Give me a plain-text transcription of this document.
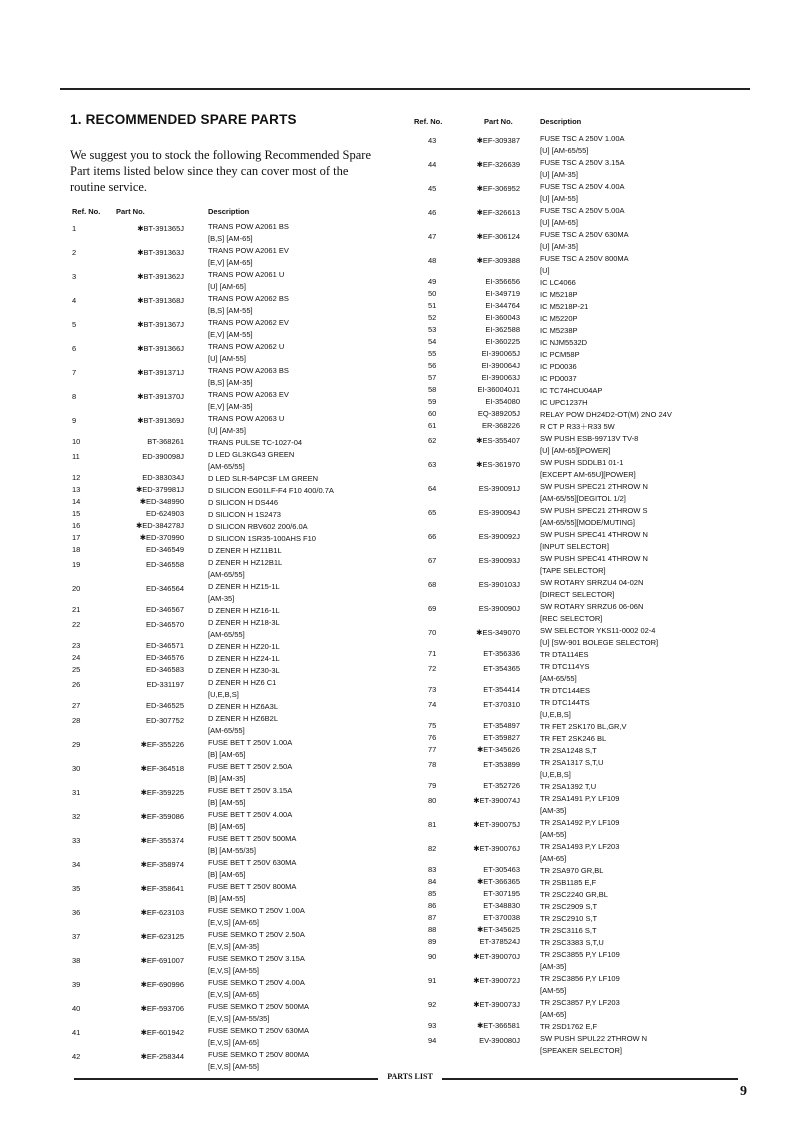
1. RECOMMENDED SPARE PARTS

We suggest you to stock the following Recommended Spare Part items listed below since they can cover most of the routine service.

Ref. No.	Part No.	Description
1	✱BT-391365J	TRANS POW A2061 BS
[B,S] [AM-65]
2	✱BT-391363J	TRANS POW A2061 EV
[E,V] [AM-65]
3	✱BT-391362J	TRANS POW A2061 U
[U] [AM-65]
4	✱BT-391368J	TRANS POW A2062 BS
[B,S] [AM-55]
5	✱BT-391367J	TRANS POW A2062 EV
[E,V] [AM-55]
6	✱BT-391366J	TRANS POW A2062 U
[U] [AM-55]
7	✱BT-391371J	TRANS POW A2063 BS
[B,S] [AM-35]
8	✱BT-391370J	TRANS POW A2063 EV
[E,V] [AM-35]
9	✱BT-391369J	TRANS POW A2063 U
[U] [AM-35]
10	BT-368261	TRANS PULSE TC-1027-04
11	ED-390098J	D LED GL3KG43 GREEN
[AM-65/55]
12	ED-383034J	D LED SLR-54PC3F LM GREEN
13	✱ED-379981J	D SILICON EG01LF-F4 F10 400/0.7A
14	✱ED-348990	D SILICON H DS446
15	ED-624903	D SILICON H 1S2473
16	✱ED-384278J	D SILICON RBV602 200/6.0A
17	✱ED-370990	D SILICON 1SR35-100AHS F10
18	ED-346549	D ZENER H HZ11B1L
19	ED-346558	D ZENER H HZ12B1L
[AM-65/55]
20	ED-346564	D ZENER H HZ15-1L
[AM-35]
21	ED-346567	D ZENER H HZ16-1L
22	ED-346570	D ZENER H HZ18-3L
[AM-65/55]
23	ED-346571	D ZENER H HZ20-1L
24	ED-346576	D ZENER H HZ24-1L
25	ED-346583	D ZENER H HZ30-3L
26	ED-331197	D ZENER H HZ6 C1
[U,E,B,S]
27	ED-346525	D ZENER H HZ6A3L
28	ED-307752	D ZENER H HZ6B2L
[AM-65/55]
29	✱EF-355226	FUSE BET T 250V 1.00A
[B] [AM-65]
30	✱EF-364518	FUSE BET T 250V 2.50A
[B] [AM-35]
31	✱EF-359225	FUSE BET T 250V 3.15A
[B] [AM-55]
32	✱EF-359086	FUSE BET T 250V 4.00A
[B] [AM-65]
33	✱EF-355374	FUSE BET T 250V 500MA
[B] [AM-55/35]
34	✱EF-358974	FUSE BET T 250V 630MA
[B] [AM-65]
35	✱EF-358641	FUSE BET T 250V 800MA
[B] [AM-55]
36	✱EF-623103	FUSE SEMKO T 250V 1.00A
[E,V,S] [AM-65]
37	✱EF-623125	FUSE SEMKO T 250V 2.50A
[E,V,S] [AM-35]
38	✱EF-691007	FUSE SEMKO T 250V 3.15A
[E,V,S] [AM-55]
39	✱EF-690996	FUSE SEMKO T 250V 4.00A
[E,V,S] [AM-65]
40	✱EF-593706	FUSE SEMKO T 250V 500MA
[E,V,S] [AM-55/35]
41	✱EF-601942	FUSE SEMKO T 250V 630MA
[E,V,S] [AM-65]
42	✱EF-258344	FUSE SEMKO T 250V 800MA
[E,V,S] [AM-55]
Ref. No.	Part No.	Description
43	✱EF-309387	FUSE TSC A 250V 1.00A
[U] [AM-65/55]
44	✱EF-326639	FUSE TSC A 250V 3.15A
[U] [AM-35]
45	✱EF-306952	FUSE TSC A 250V 4.00A
[U] [AM-55]
46	✱EF-326613	FUSE TSC A 250V 5.00A
[U] [AM-65]
47	✱EF-306124	FUSE TSC A 250V 630MA
[U] [AM-35]
48	✱EF-309388	FUSE TSC A 250V 800MA
[U]
49	EI-356656	IC LC4066
50	EI-349719	IC M5218P
51	EI-344764	IC M5218P-21
52	EI-360043	IC M5220P
53	EI-362588	IC M5238P
54	EI-360225	IC NJM5532D
55	EI-390065J	IC PCM58P
56	EI-390064J	IC PD0036
57	EI-390063J	IC PD0037
58	EI-360040J1	IC TC74HCU04AP
59	EI-354080	IC UPC1237H
60	EQ-389205J	RELAY POW DH24D2-OT(M) 2NO 24V
61	ER-368226	R CT P R33＋R33 5W
62	✱ES-355407	SW PUSH ESB-99713V TV-8
[U] [AM-65][POWER]
63	✱ES-361970	SW PUSH SDDLB1 01-1
[EXCEPT AM-65U][POWER]
64	ES-390091J	SW PUSH SPEC21 2THROW N
[AM-65/55][DEGITOL 1/2]
65	ES-390094J	SW PUSH SPEC21 2THROW S
[AM-65/55][MODE/MUTING]
66	ES-390092J	SW PUSH SPEC41 4THROW N
[INPUT SELECTOR]
67	ES-390093J	SW PUSH SPEC41 4THROW N
[TAPE SELECTOR]
68	ES-390103J	SW ROTARY SRRZU4 04-02N
[DIRECT SELECTOR]
69	ES-390090J	SW ROTARY SRRZU6 06-06N
[REC SELECTOR]
70	✱ES-349070	SW SELECTOR YKS11-0002 02-4
[U] [SW-901 BOLEGE SELECTOR]
71	ET-356336	TR DTA114ES
72	ET-354365	TR DTC114YS
[AM-65/55]
73	ET-354414	TR DTC144ES
74	ET-370310	TR DTC144TS
[U,E,B,S]
75	ET-354897	TR FET 2SK170 BL,GR,V
76	ET-359827	TR FET 2SK246 BL
77	✱ET-345626	TR 2SA1248 S,T
78	ET-353899	TR 2SA1317 S,T,U
[U,E,B,S]
79	ET-352726	TR 2SA1392 T,U
80	✱ET-390074J	TR 2SA1491 P,Y LF109
[AM-35]
81	✱ET-390075J	TR 2SA1492 P,Y LF109
[AM-55]
82	✱ET-390076J	TR 2SA1493 P,Y LF203
[AM-65]
83	ET-305463	TR 2SA970 GR,BL
84	✱ET-366365	TR 2SB1185 E,F
85	ET-307195	TR 2SC2240 GR,BL
86	ET-348830	TR 2SC2909 S,T
87	ET-370038	TR 2SC2910 S,T
88	✱ET-345625	TR 2SC3116 S,T
89	ET-378524J	TR 2SC3383 S,T,U
90	✱ET-390070J	TR 2SC3855 P,Y LF109
[AM-35]
91	✱ET-390072J	TR 2SC3856 P,Y LF109
[AM-55]
92	✱ET-390073J	TR 2SC3857 P,Y LF203
[AM-65]
93	✱ET-366581	TR 2SD1762 E,F
94	EV-390080J	SW PUSH SPUL22 2THROW N
[SPEAKER SELECTOR]
PARTS LIST
9
